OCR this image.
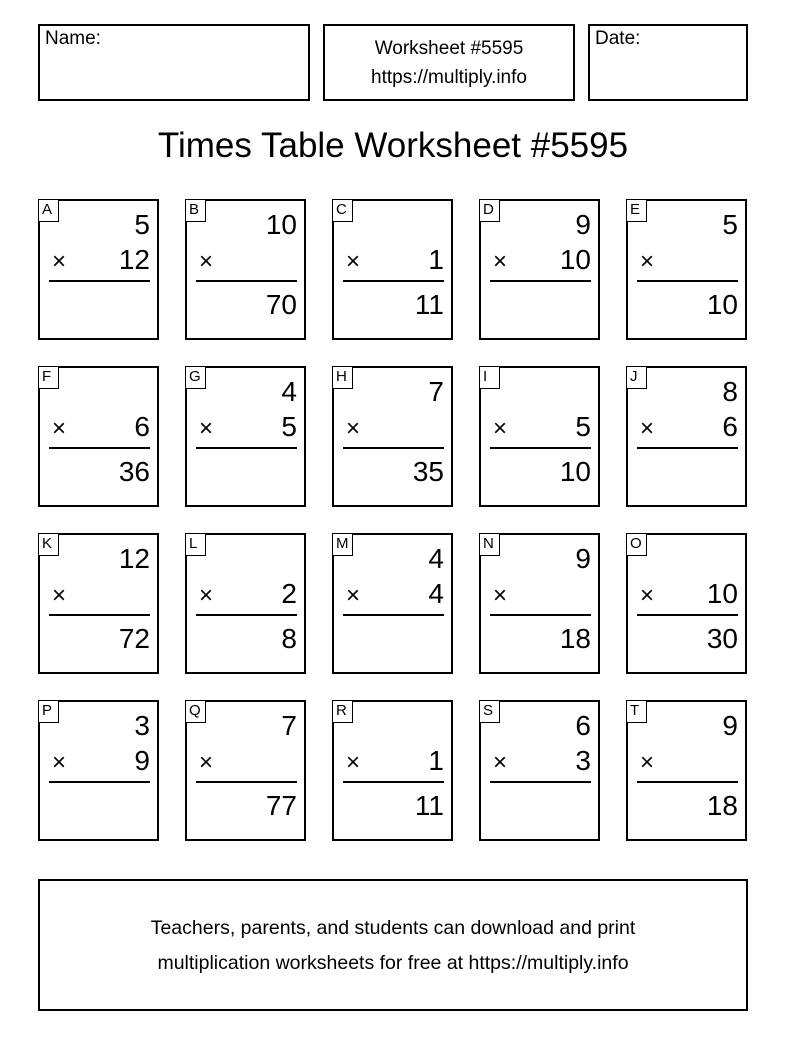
Name:	Worksheet #5595
https://multiply.info
Date:
Times Table Worksheet #5595
A	5
× 12
B 10
×
70
C
× 1
11
D	9
× 10
E	5
×
10
F
× 6
36
G	4
× 5
H	7
×
35
I
× 5
10
J	8
× 6
K 12
×
72
L
× 2
8
M	4
× 4
N	9
×
18
O
× 10
30
P	3
× 9
Q	7
×
77
R
× 1
11
S	6
× 3
T	9
×
18
Teachers, parents, and students can download and print
multiplication worksheets for free at https://multiply.info
